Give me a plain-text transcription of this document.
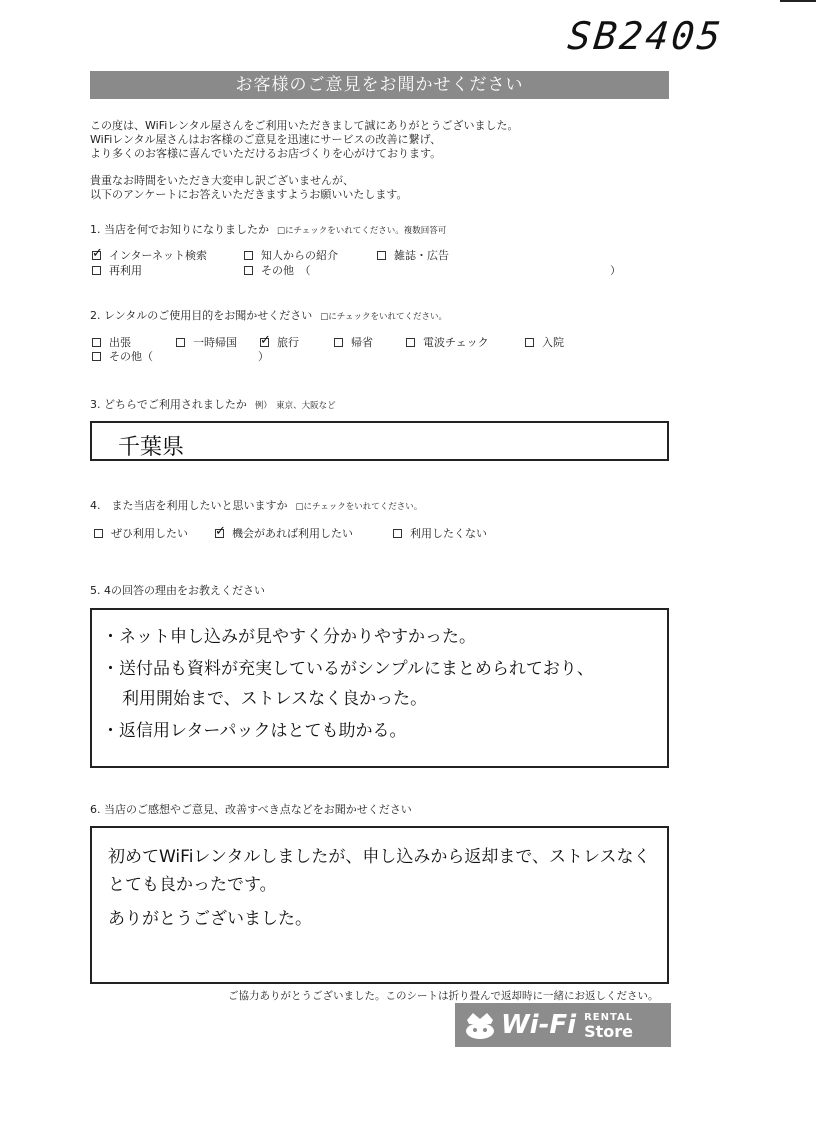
SB2405
お客様のご意見をお聞かせください
この度は、WiFiレンタル屋さんをご利用いただきまして誠にありがとうございました。
WiFiレンタル屋さんはお客様のご意見を迅速にサービスの改善に繋げ、
より多くのお客様に喜んでいただけるお店づくりを心がけております。
貴重なお時間をいただき大変申し訳ございませんが、
以下のアンケートにお答えいただきますようお願いいたします。
1. 当店を何でお知りになりましたか □にチェックをいれてください。複数回答可
✓インターネット検索	知人からの紹介	雑誌・広告
再利用	その他　（	）
2. レンタルのご使用目的をお聞かせください □にチェックをいれてください。
出張	一時帰国 ✓	旅行	帰省	電波チェック	入院
その他（	）
3. どちらでご利用されましたか 例）　東京、大阪など
千葉県
4.　また当店を利用したいと思いますか □にチェックをいれてください。
ぜひ利用したい ✓	機会があれば利用したい	利用したくない
5. 4の回答の理由をお教えください
・ネット申し込みが見やすく分かりやすかった。
・送付品も資料が充実しているがシンプルにまとめられており、
利用開始まで、ストレスなく良かった。
・返信用レターパックはとても助かる。
6. 当店のご感想やご意見、改善すべき点などをお聞かせください
初めてWiFiレンタルしましたが、申し込みから返却まで、ストレスなく
とても良かったです。
ありがとうございました。
ご協力ありがとうございました。このシートは折り畳んで返却時に一緒にお返しください。
Wi-Fi RENTAL
Store
